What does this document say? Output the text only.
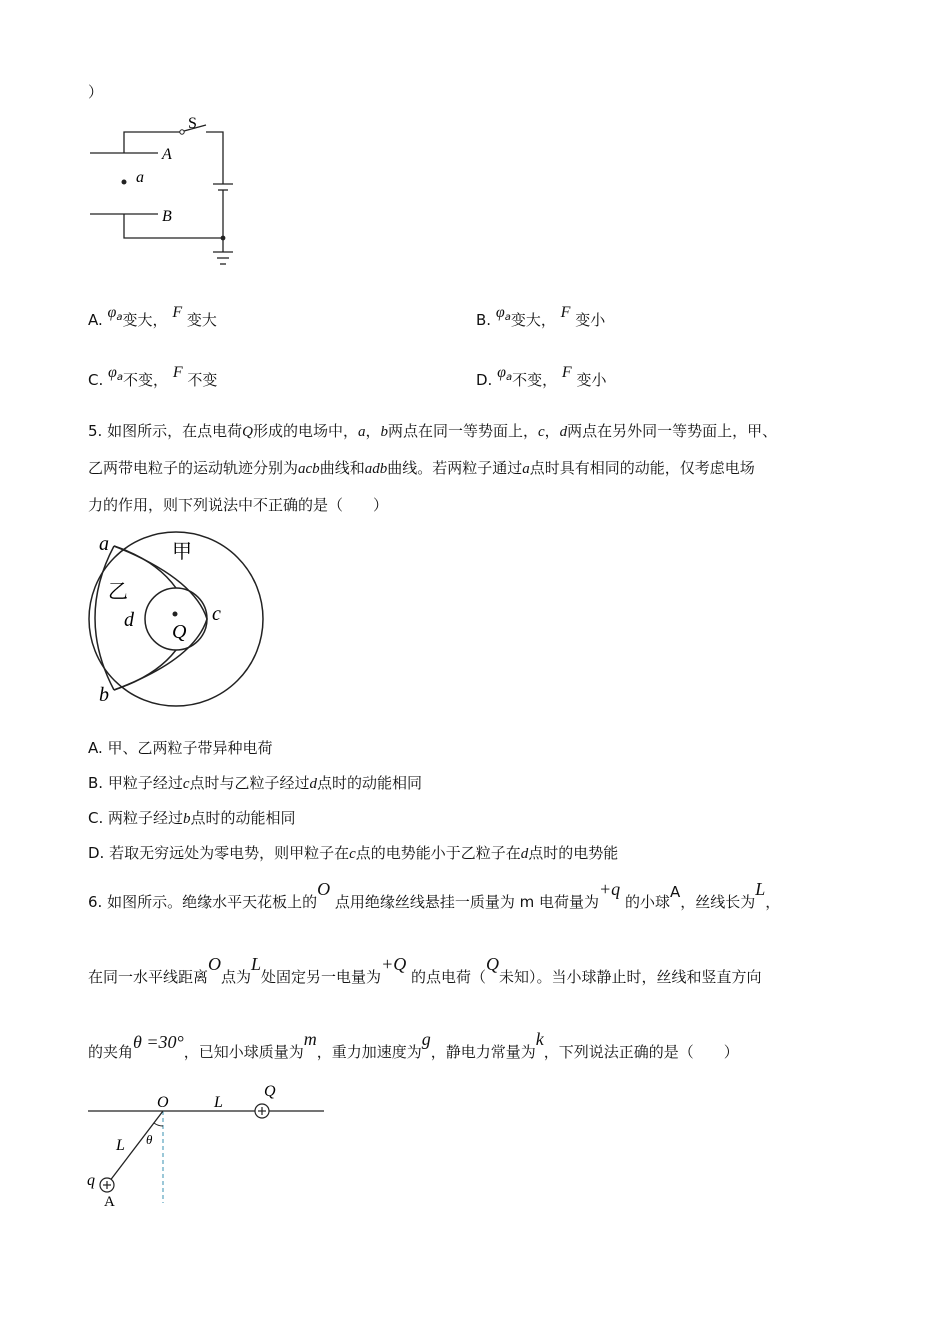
）
S
A
B
a
A. $\varphi^a$变大， F 变大	B. $\varphi^a$变大， F 变小
C. $\varphi^a$不变， F 不变	D. $\varphi^a$不变， F 变小
5. 如图所示，在点电荷Q形成的电场中，a，b两点在同一等势面上，c，d两点在另外同一等势面上，甲、
乙两带电粒子的运动轨迹分别为acb曲线和adb曲线。若两粒子通过a点时具有相同的动能，仅考虑电场
力的作用，则下列说法中不正确的是（　　）
a	甲
乙
d	c
Q
b
A. 甲、乙两粒子带异种电荷
B. 甲粒子经过c点时与乙粒子经过d点时的动能相同
C. 两粒子经过b点时的动能相同
D. 若取无穷远处为零电势，则甲粒子在c点的电势能小于乙粒子在d点时的电势能
6. 如图所示。绝缘水平天花板上的O 点用绝缘丝线悬挂一质量为 m 电荷量为+q 的小球A，丝线长为L，
在同一水平线距离O点为L处固定另一电量为+Q 的点电荷（Q未知）。当小球静止时，丝线和竖直方向
的夹角θ =30°，已知小球质量为m，重力加速度为g，静电力常量为k，下列说法正确的是（　　）
O	L
Q
L θ
q
A
